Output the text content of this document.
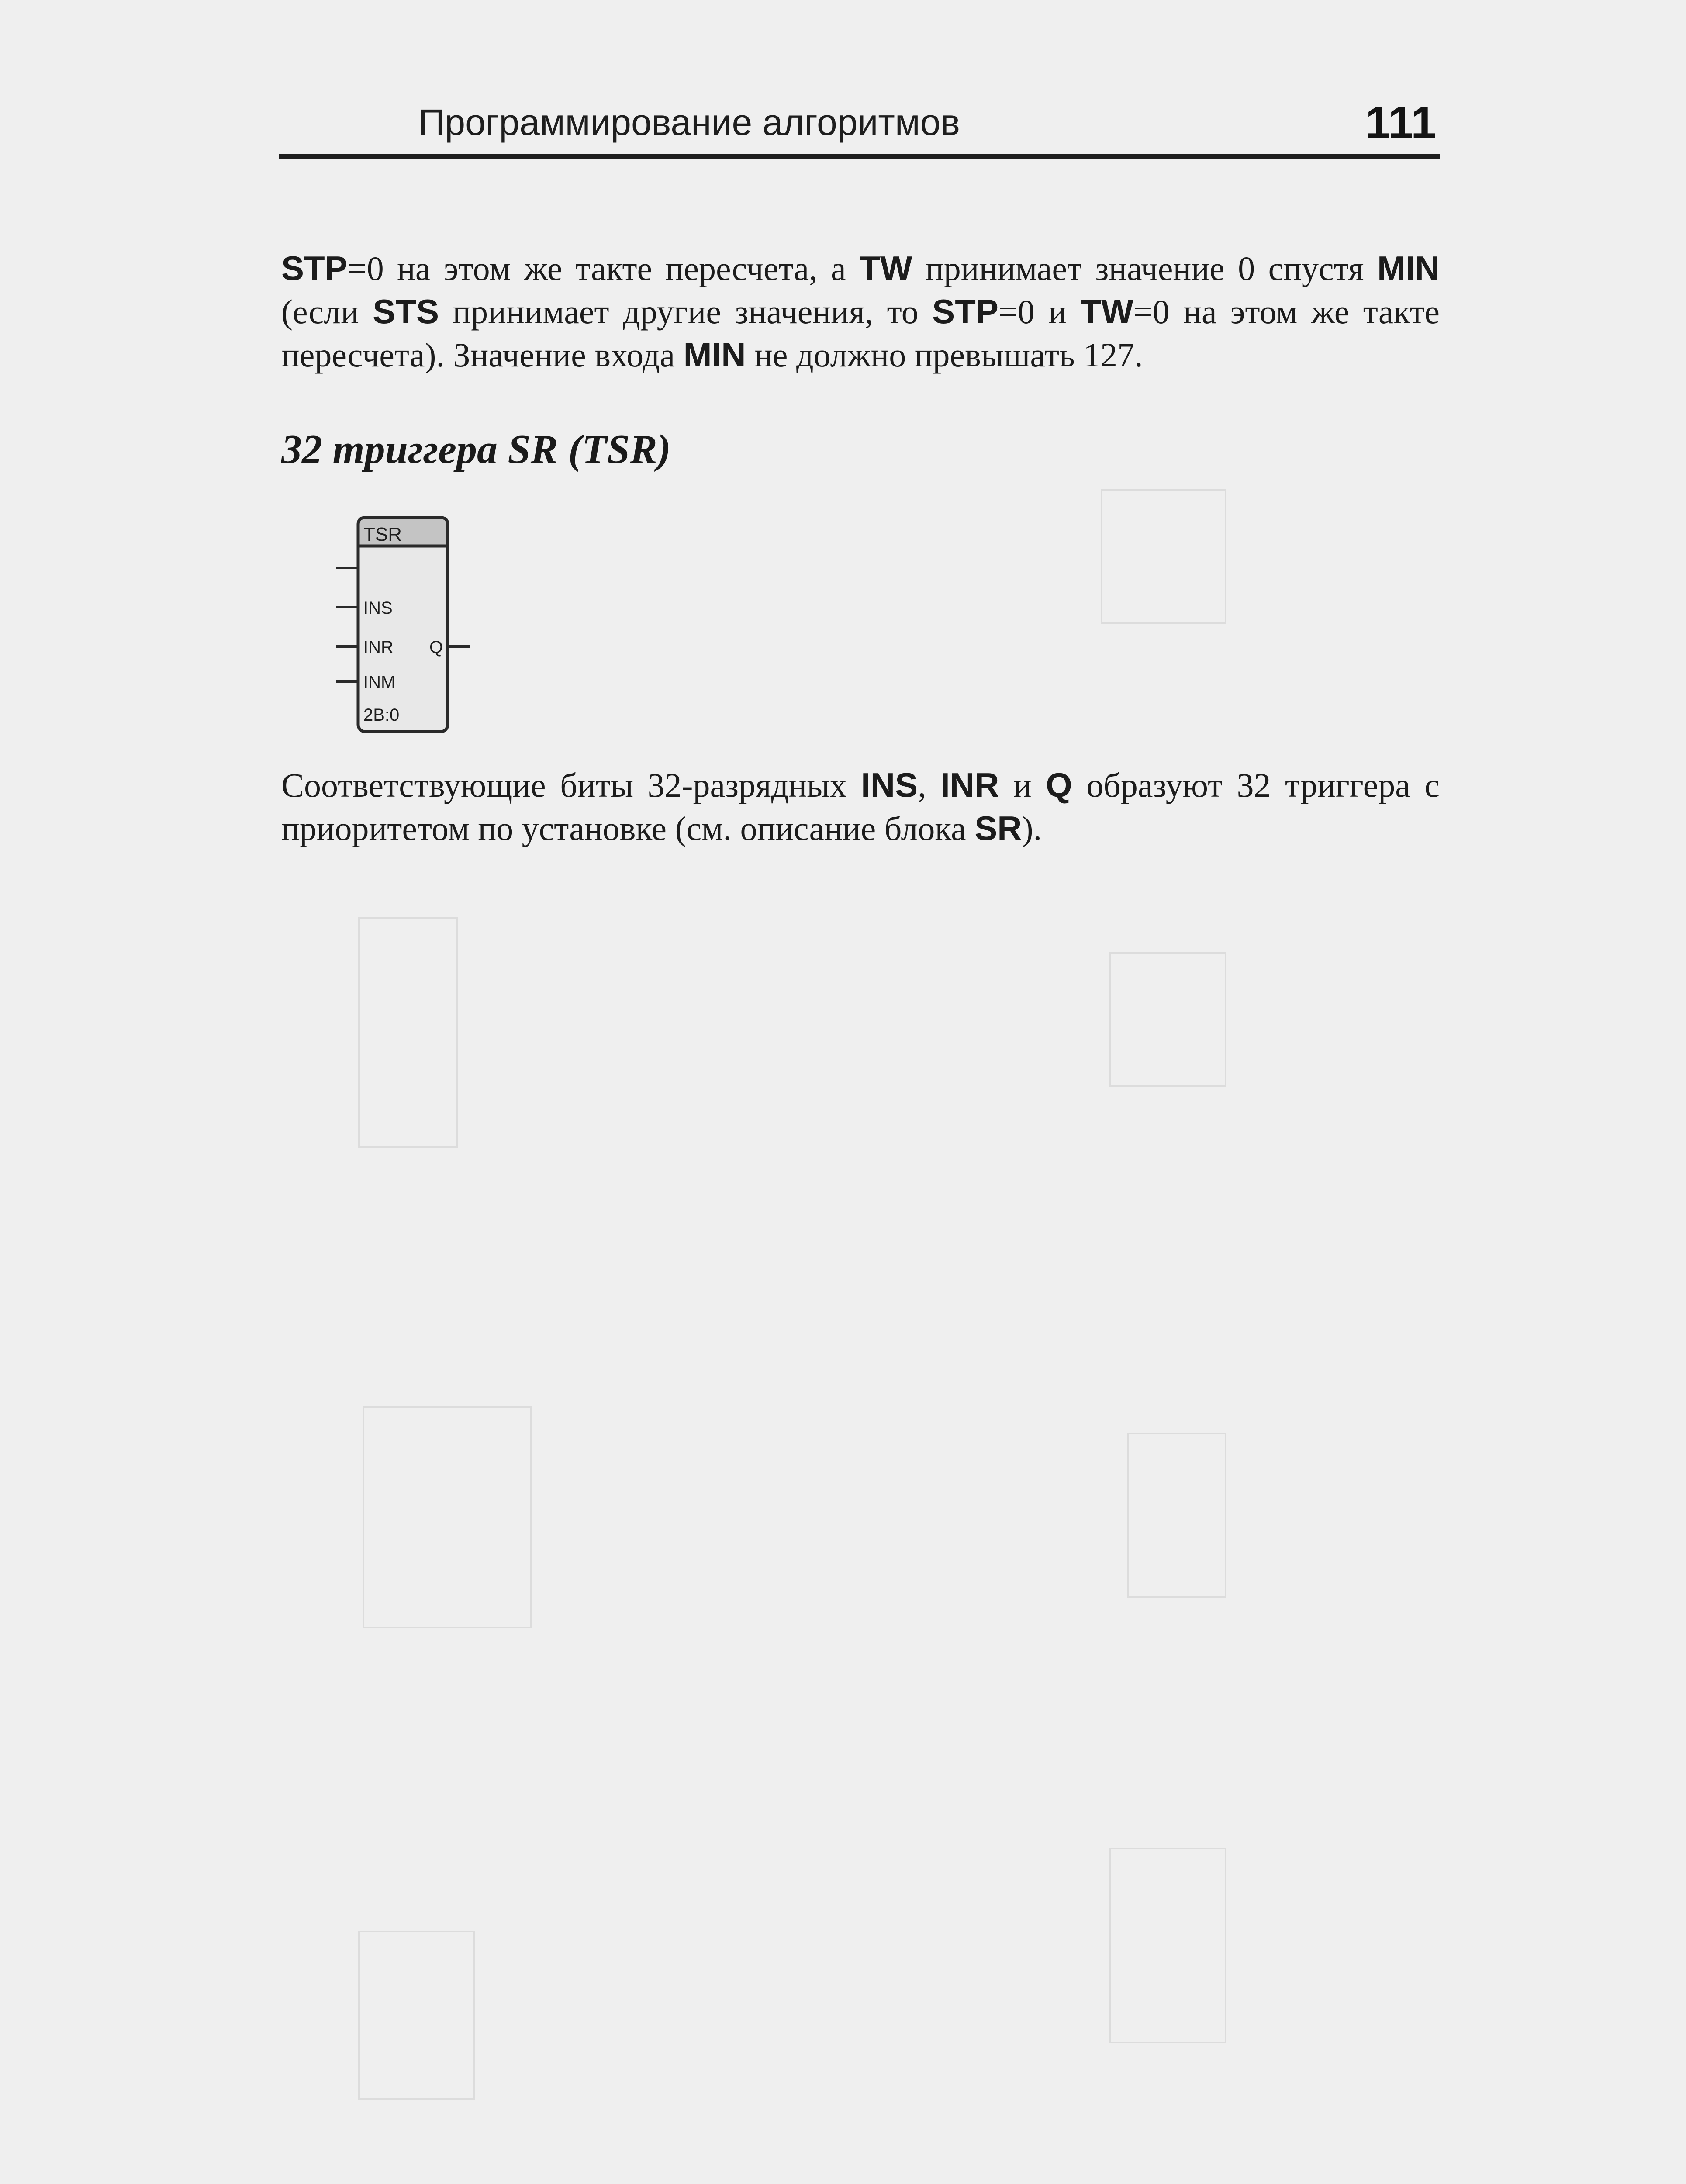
Программирование алгоритмов	111

STP=0 на этом же такте пересчета, а TW принимает значение 0 спустя MIN (если STS принимает другие значения, то STP=0 и TW=0 на этом же такте пересчета). Значение входа MIN не должно превышать 127.

32 триггера SR (TSR)
TSR
INS
INR
INM
Q
2B:0

Соответствующие биты 32-разрядных INS, INR и Q образуют 32 триггера с приоритетом по установке (см. описание блока SR).
